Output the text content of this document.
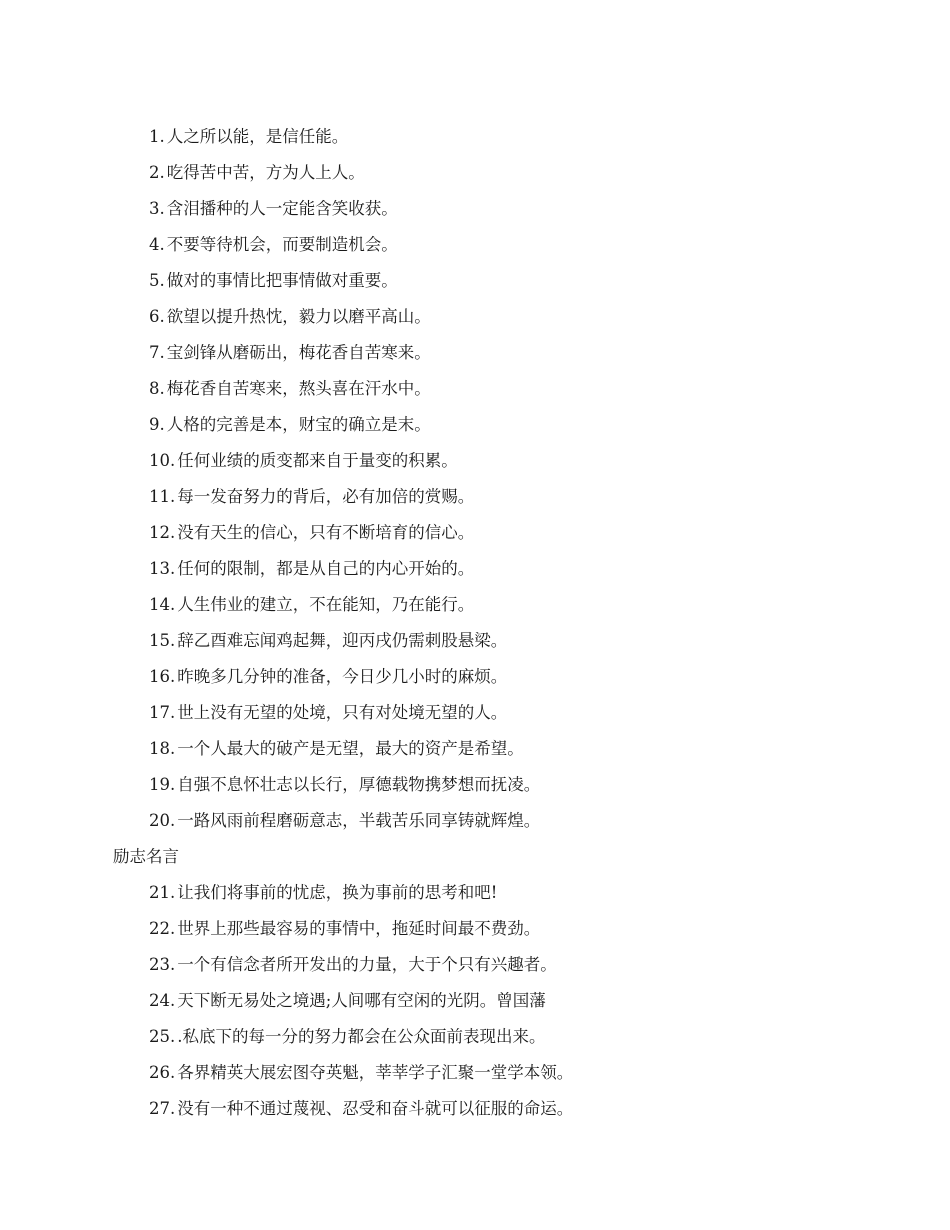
1. 人之所以能，是信任能。
2. 吃得苦中苦，方为人上人。
3. 含泪播种的人一定能含笑收获。
4. 不要等待机会，而要制造机会。
5. 做对的事情比把事情做对重要。
6. 欲望以提升热忱，毅力以磨平高山。
7. 宝剑锋从磨砺出，梅花香自苦寒来。
8. 梅花香自苦寒来，熬头喜在汗水中。
9. 人格的完善是本，财宝的确立是末。
10. 任何业绩的质变都来自于量变的积累。
11. 每一发奋努力的背后，必有加倍的赏赐。
12. 没有天生的信心，只有不断培育的信心。
13. 任何的限制，都是从自己的内心开始的。
14. 人生伟业的建立，不在能知，乃在能行。
15. 辞乙酉难忘闻鸡起舞，迎丙戌仍需刺股悬梁。
16. 昨晚多几分钟的准备，今日少几小时的麻烦。
17. 世上没有无望的处境，只有对处境无望的人。
18. 一个人最大的破产是无望，最大的资产是希望。
19. 自强不息怀壮志以长行，厚德载物携梦想而抚凌。
20. 一路风雨前程磨砺意志，半载苦乐同享铸就辉煌。
励志名言
21. 让我们将事前的忧虑，换为事前的思考和吧!
22. 世界上那些最容易的事情中，拖延时间最不费劲。
23. 一个有信念者所开发出的力量，大于个只有兴趣者。
24. 天下断无易处之境遇;人间哪有空闲的光阴。曾国藩
25. .私底下的每一分的努力都会在公众面前表现出来。
26. 各界精英大展宏图夺英魁，莘莘学子汇聚一堂学本领。
27. 没有一种不通过蔑视、忍受和奋斗就可以征服的命运。
